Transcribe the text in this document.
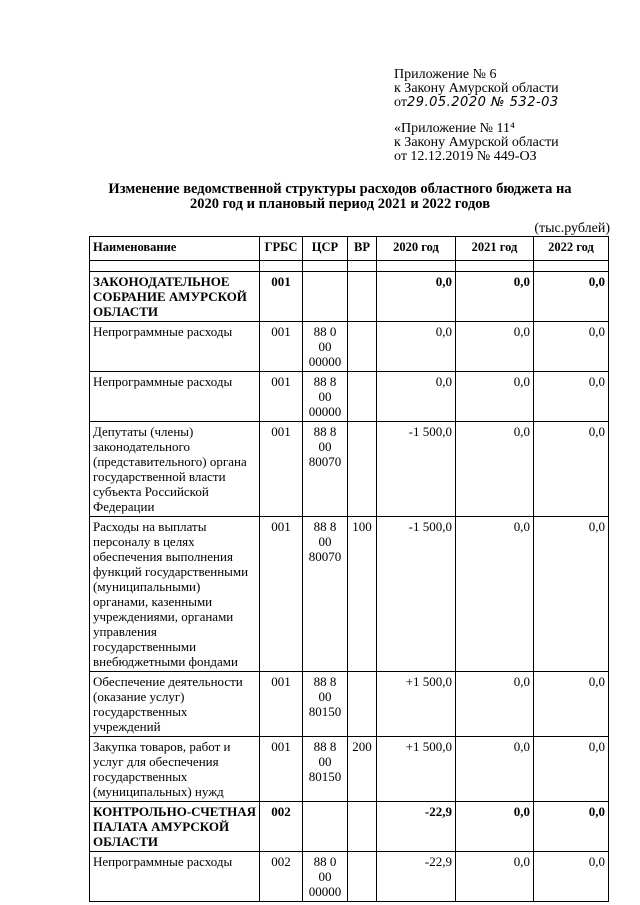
Приложение № 6
к Закону Амурской области
от29.05.2020 № 532-03
«Приложение № 11⁴
к Закону Амурской области
от 12.12.2019 № 449-ОЗ
Изменение ведомственной структуры расходов областного бюджета на
2020 год и плановый период 2021 и 2022 годов
(тыс.рублей)
Наименование	ГРБС	ЦСР	ВР	2020 год	2021 год	2022 год

ЗАКОНОДАТЕЛЬНОЕ СОБРАНИЕ АМУРСКОЙ ОБЛАСТИ	001			0,0	0,0	0,0
Непрограммные расходы	001	88 0 00 00000		0,0	0,0	0,0
Непрограммные расходы	001	88 8 00 00000		0,0	0,0	0,0
Депутаты (члены) законодательного (представительного) органа государственной власти субъекта Российской Федерации	001	88 8 00 80070		-1 500,0	0,0	0,0
Расходы на выплаты персоналу в целях обеспечения выполнения функций государственными (муниципальными) органами, казенными учреждениями, органами управления государственными внебюджетными фондами	001	88 8 00 80070	100	-1 500,0	0,0	0,0
Обеспечение деятельности (оказание услуг) государственных учреждений	001	88 8 00 80150		+1 500,0	0,0	0,0
Закупка товаров, работ и услуг для обеспечения государственных (муниципальных) нужд	001	88 8 00 80150	200	+1 500,0	0,0	0,0
КОНТРОЛЬНО-СЧЕТНАЯ ПАЛАТА АМУРСКОЙ ОБЛАСТИ	002			-22,9	0,0	0,0
Непрограммные расходы	002	88 0 00 00000		-22,9	0,0	0,0
